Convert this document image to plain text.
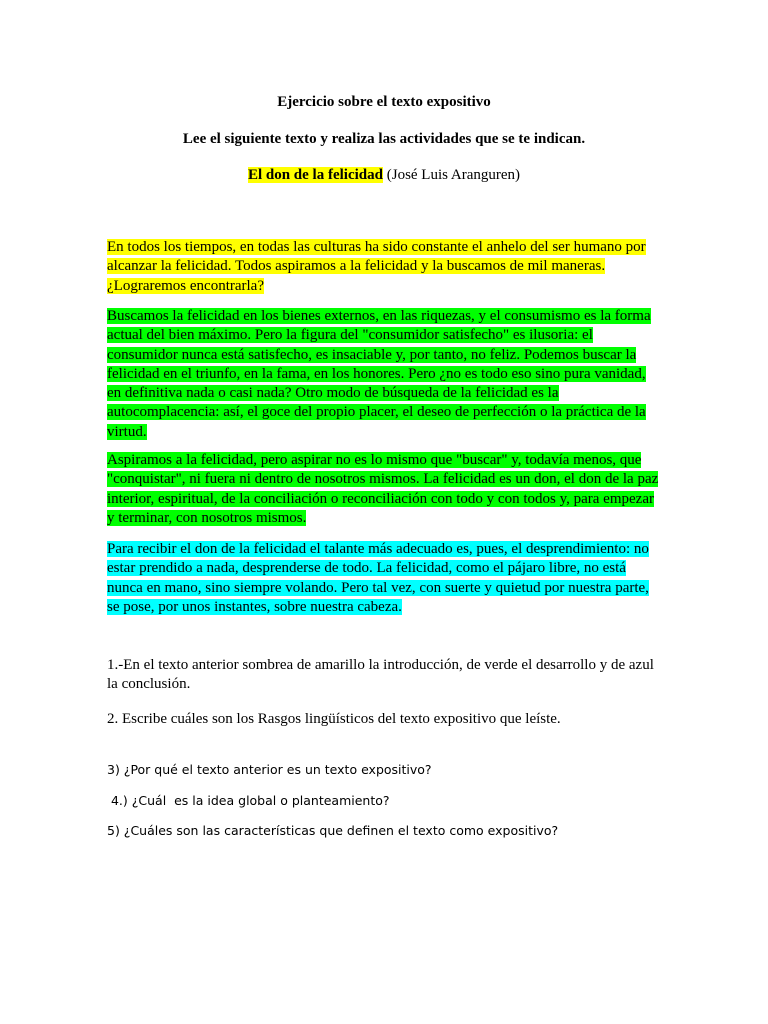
Ejercicio sobre el texto expositivo
Lee el siguiente texto y realiza las actividades que se te indican.
El don de la felicidad (José Luis Aranguren)
En todos los tiempos, en todas las culturas ha sido constante el anhelo del ser humano por alcanzar la felicidad. Todos aspiramos a la felicidad y la buscamos de mil maneras. ¿Lograremos encontrarla?
Buscamos la felicidad en los bienes externos, en las riquezas, y el consumismo es la forma actual del bien máximo. Pero la figura del "consumidor satisfecho" es ilusoria: el consumidor nunca está satisfecho, es insaciable y, por tanto, no feliz. Podemos buscar la felicidad en el triunfo, en la fama, en los honores. Pero ¿no es todo eso sino pura vanidad, en definitiva nada o casi nada? Otro modo de búsqueda de la felicidad es la autocomplacencia: así, el goce del propio placer, el deseo de perfección o la práctica de la virtud.
Aspiramos a la felicidad, pero aspirar no es lo mismo que "buscar" y, todavía menos, que "conquistar", ni fuera ni dentro de nosotros mismos. La felicidad es un don, el don de la paz interior, espiritual, de la conciliación o reconciliación con todo y con todos y, para empezar y terminar, con nosotros mismos.
Para recibir el don de la felicidad el talante más adecuado es, pues, el desprendimiento: no estar prendido a nada, desprenderse de todo. La felicidad, como el pájaro libre, no está nunca en mano, sino siempre volando. Pero tal vez, con suerte y quietud por nuestra parte, se pose, por unos instantes, sobre nuestra cabeza.
1.-En el texto anterior sombrea de amarillo la introducción, de verde el desarrollo y de azul la conclusión.
2. Escribe cuáles son los Rasgos lingüísticos del texto expositivo que leíste.
3) ¿Por qué el texto anterior es un texto expositivo?
4.) ¿Cuál  es la idea global o planteamiento?
5) ¿Cuáles son las características que definen el texto como expositivo?
